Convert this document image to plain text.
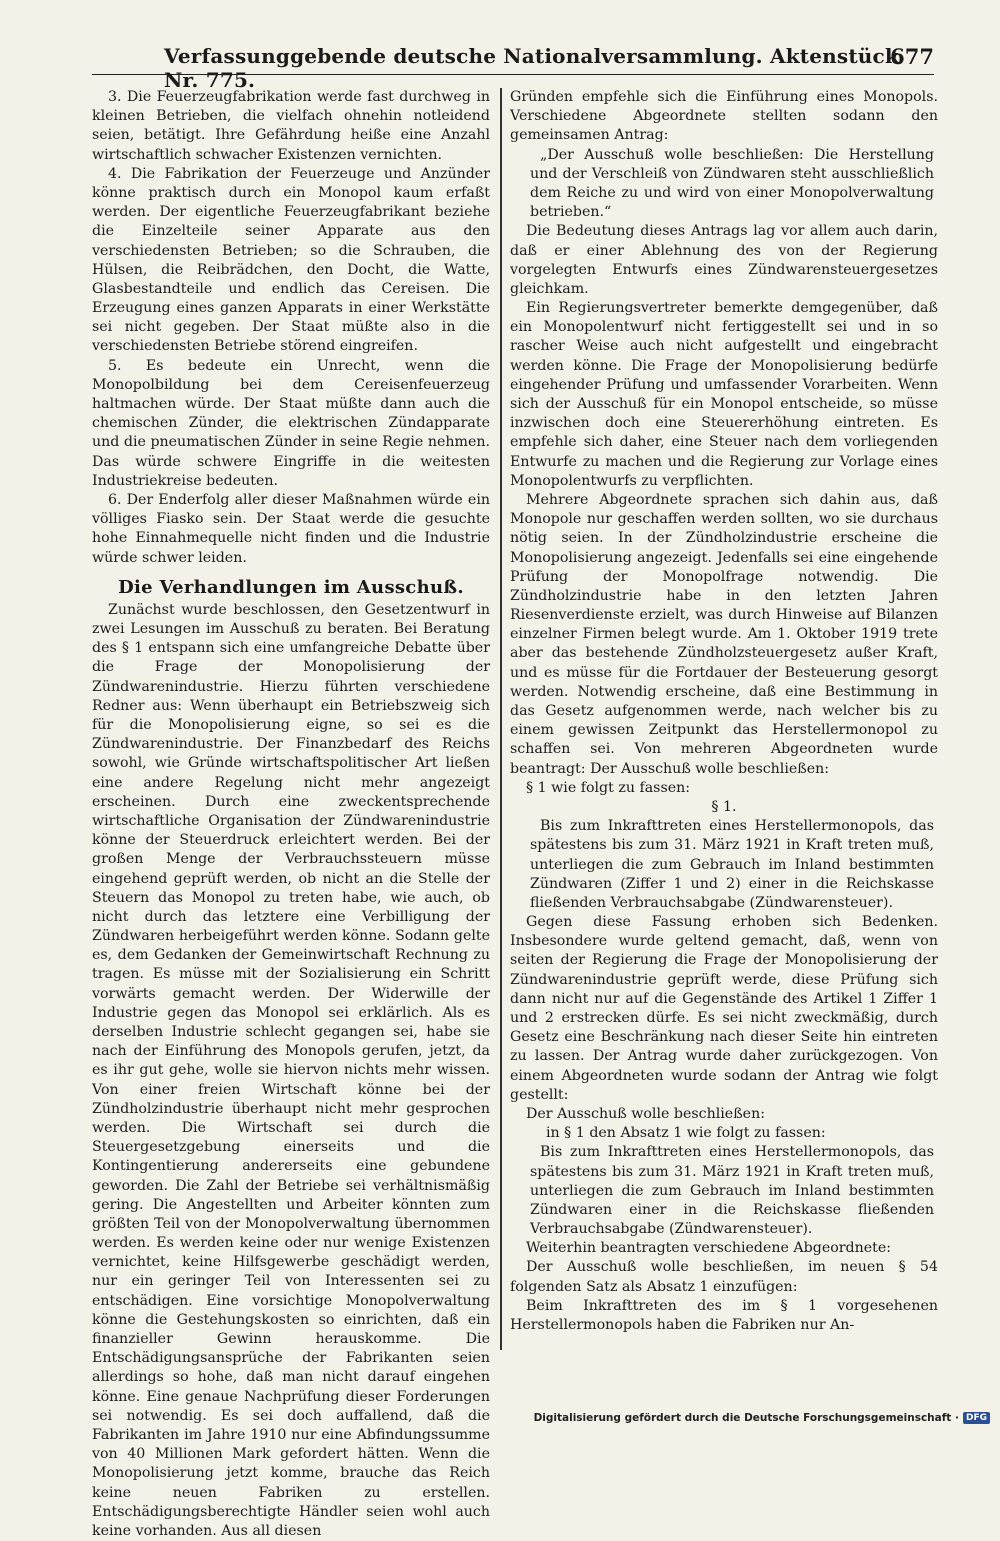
Verfassunggebende deutsche Nationalversammlung. Aktenstück Nr. 775.
677

3. Die Feuerzeugfabrikation werde fast durchweg in kleinen Betrieben, die vielfach ohnehin notleidend seien, betätigt. Ihre Gefährdung heiße eine Anzahl wirtschaftlich schwacher Existenzen vernichten.

4. Die Fabrikation der Feuerzeuge und Anzünder könne praktisch durch ein Monopol kaum erfaßt werden. Der eigentliche Feuerzeugfabrikant beziehe die Einzelteile seiner Apparate aus den verschiedensten Betrieben; so die Schrauben, die Hülsen, die Reibrädchen, den Docht, die Watte, Glasbestandteile und endlich das Cereisen. Die Erzeugung eines ganzen Apparats in einer Werkstätte sei nicht gegeben. Der Staat müßte also in die verschiedensten Betriebe störend eingreifen.

5. Es bedeute ein Unrecht, wenn die Monopolbildung bei dem Cereisenfeuerzeug haltmachen würde. Der Staat müßte dann auch die chemischen Zünder, die elektrischen Zündapparate und die pneumatischen Zünder in seine Regie nehmen. Das würde schwere Eingriffe in die weitesten Industriekreise bedeuten.

6. Der Enderfolg aller dieser Maßnahmen würde ein völliges Fiasko sein. Der Staat werde die gesuchte hohe Einnahmequelle nicht finden und die Industrie würde schwer leiden.

Die Verhandlungen im Ausschuß.

Zunächst wurde beschlossen, den Gesetzentwurf in zwei Lesungen im Ausschuß zu beraten. Bei Beratung des § 1 entspann sich eine umfangreiche Debatte über die Frage der Monopolisierung der Zündwarenindustrie. Hierzu führten verschiedene Redner aus: Wenn überhaupt ein Betriebszweig sich für die Monopolisierung eigne, so sei es die Zündwarenindustrie. Der Finanzbedarf des Reichs sowohl, wie Gründe wirtschaftspolitischer Art ließen eine andere Regelung nicht mehr angezeigt erscheinen. Durch eine zweckentsprechende wirtschaftliche Organisation der Zündwarenindustrie könne der Steuerdruck erleichtert werden. Bei der großen Menge der Verbrauchssteuern müsse eingehend geprüft werden, ob nicht an die Stelle der Steuern das Monopol zu treten habe, wie auch, ob nicht durch das letztere eine Verbilligung der Zündwaren herbeigeführt werden könne. Sodann gelte es, dem Gedanken der Gemeinwirtschaft Rechnung zu tragen. Es müsse mit der Sozialisierung ein Schritt vorwärts gemacht werden. Der Widerwille der Industrie gegen das Monopol sei erklärlich. Als es derselben Industrie schlecht gegangen sei, habe sie nach der Einführung des Monopols gerufen, jetzt, da es ihr gut gehe, wolle sie hiervon nichts mehr wissen. Von einer freien Wirtschaft könne bei der Zündholzindustrie überhaupt nicht mehr gesprochen werden. Die Wirtschaft sei durch die Steuergesetzgebung einerseits und die Kontingentierung andererseits eine gebundene geworden. Die Zahl der Betriebe sei verhältnismäßig gering. Die Angestellten und Arbeiter könnten zum größten Teil von der Monopolverwaltung übernommen werden. Es werden keine oder nur wenige Existenzen vernichtet, keine Hilfsgewerbe geschädigt werden, nur ein geringer Teil von Interessenten sei zu entschädigen. Eine vorsichtige Monopolverwaltung könne die Gestehungskosten so einrichten, daß ein finanzieller Gewinn herauskomme. Die Entschädigungsansprüche der Fabrikanten seien allerdings so hohe, daß man nicht darauf eingehen könne. Eine genaue Nachprüfung dieser Forderungen sei notwendig. Es sei doch auffallend, daß die Fabrikanten im Jahre 1910 nur eine Abfindungssumme von 40 Millionen Mark gefordert hätten. Wenn die Monopolisierung jetzt komme, brauche das Reich keine neuen Fabriken zu erstellen. Entschädigungsberechtigte Händler seien wohl auch keine vorhanden. Aus all diesen

Gründen empfehle sich die Einführung eines Monopols. Verschiedene Abgeordnete stellten sodann den gemeinsamen Antrag:

„Der Ausschuß wolle beschließen: Die Herstellung und der Verschleiß von Zündwaren steht ausschließlich dem Reiche zu und wird von einer Monopolverwaltung betrieben.“

Die Bedeutung dieses Antrags lag vor allem auch darin, daß er einer Ablehnung des von der Regierung vorgelegten Entwurfs eines Zündwarensteuergesetzes gleichkam.

Ein Regierungsvertreter bemerkte demgegenüber, daß ein Monopolentwurf nicht fertiggestellt sei und in so rascher Weise auch nicht aufgestellt und eingebracht werden könne. Die Frage der Monopolisierung bedürfe eingehender Prüfung und umfassender Vorarbeiten. Wenn sich der Ausschuß für ein Monopol entscheide, so müsse inzwischen doch eine Steuererhöhung eintreten. Es empfehle sich daher, eine Steuer nach dem vorliegenden Entwurfe zu machen und die Regierung zur Vorlage eines Monopolentwurfs zu verpflichten.

Mehrere Abgeordnete sprachen sich dahin aus, daß Monopole nur geschaffen werden sollten, wo sie durchaus nötig seien. In der Zündholzindustrie erscheine die Monopolisierung angezeigt. Jedenfalls sei eine eingehende Prüfung der Monopolfrage notwendig. Die Zündholzindustrie habe in den letzten Jahren Riesenverdienste erzielt, was durch Hinweise auf Bilanzen einzelner Firmen belegt wurde. Am 1. Oktober 1919 trete aber das bestehende Zündholzsteuergesetz außer Kraft, und es müsse für die Fortdauer der Besteuerung gesorgt werden. Notwendig erscheine, daß eine Bestimmung in das Gesetz aufgenommen werde, nach welcher bis zu einem gewissen Zeitpunkt das Herstellermonopol zu schaffen sei. Von mehreren Abgeordneten wurde beantragt: Der Ausschuß wolle beschließen:

§ 1 wie folgt zu fassen:

§ 1.

Bis zum Inkrafttreten eines Herstellermonopols, das spätestens bis zum 31. März 1921 in Kraft treten muß, unterliegen die zum Gebrauch im Inland bestimmten Zündwaren (Ziffer 1 und 2) einer in die Reichskasse fließenden Verbrauchsabgabe (Zündwarensteuer).

Gegen diese Fassung erhoben sich Bedenken. Insbesondere wurde geltend gemacht, daß, wenn von seiten der Regierung die Frage der Monopolisierung der Zündwarenindustrie geprüft werde, diese Prüfung sich dann nicht nur auf die Gegenstände des Artikel 1 Ziffer 1 und 2 erstrecken dürfe. Es sei nicht zweckmäßig, durch Gesetz eine Beschränkung nach dieser Seite hin eintreten zu lassen. Der Antrag wurde daher zurückgezogen. Von einem Abgeordneten wurde sodann der Antrag wie folgt gestellt:

Der Ausschuß wolle beschließen:

in § 1 den Absatz 1 wie folgt zu fassen:

Bis zum Inkrafttreten eines Herstellermonopols, das spätestens bis zum 31. März 1921 in Kraft treten muß, unterliegen die zum Gebrauch im Inland bestimmten Zündwaren einer in die Reichskasse fließenden Verbrauchsabgabe (Zündwarensteuer).

Weiterhin beantragten verschiedene Abgeordnete:

Der Ausschuß wolle beschließen, im neuen § 54 folgenden Satz als Absatz 1 einzufügen:

Beim Inkrafttreten des im § 1 vorgesehenen Herstellermonopols haben die Fabriken nur An-

Digitalisierung gefördert durch die Deutsche Forschungsgemeinschaft · DFG
